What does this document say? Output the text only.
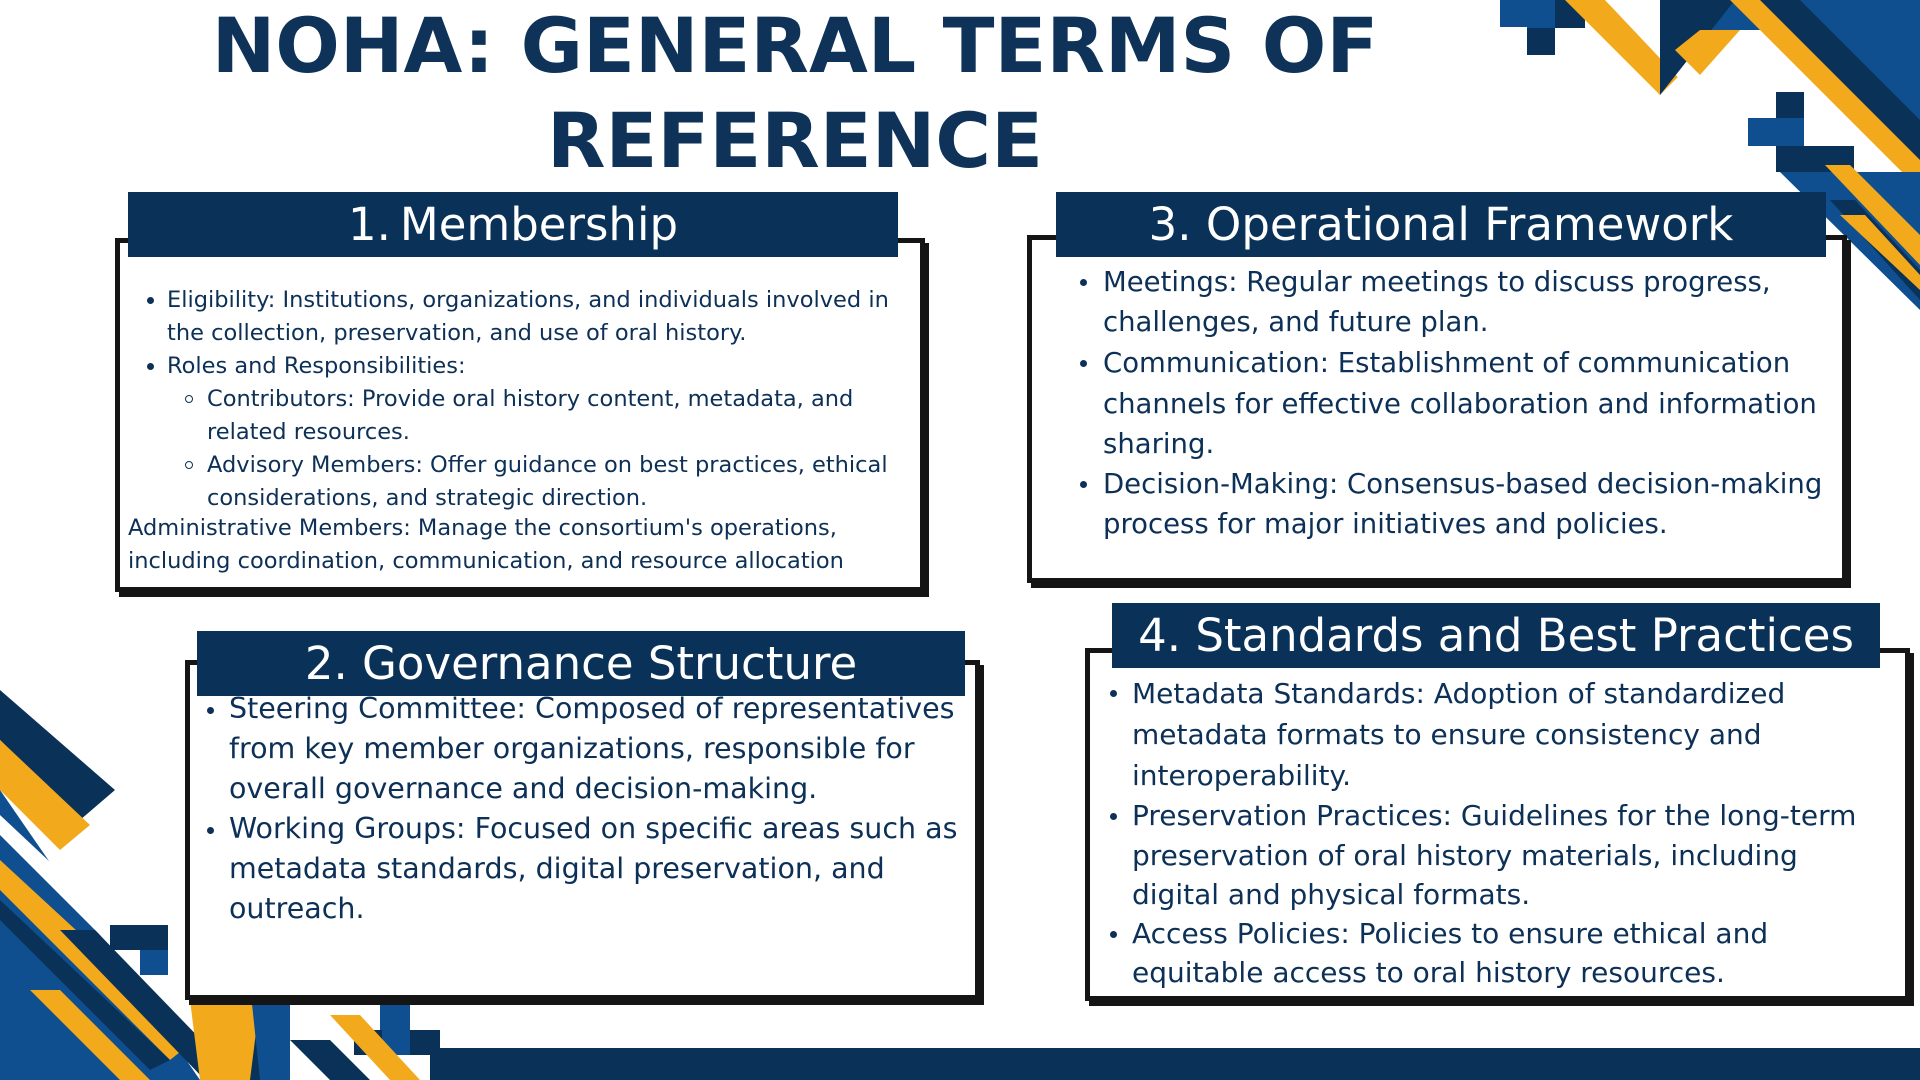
NOHA: GENERAL TERMS OF
REFERENCE
1. Membership
Eligibility: Institutions, organizations, and individuals involved in the collection, preservation, and use of oral history.
Roles and Responsibilities:
Contributors: Provide oral history content, metadata, and related resources.
Advisory Members: Offer guidance on best practices, ethical considerations, and strategic direction.
Administrative Members: Manage the consortium's operations, including coordination, communication, and resource allocation
3. Operational Framework
Meetings: Regular meetings to discuss progress, challenges, and future plan.
Communication: Establishment of communication channels for effective collaboration and information sharing.
Decision-Making: Consensus-based decision-making process for major initiatives and policies.
2. Governance Structure
Steering Committee: Composed of representatives from key member organizations, responsible for overall governance and decision-making.
Working Groups: Focused on specific areas such as metadata standards, digital preservation, and outreach.
4. Standards and Best Practices
Metadata Standards: Adoption of standardized metadata formats to ensure consistency and interoperability.
Preservation Practices: Guidelines for the long-term preservation of oral history materials, including digital and physical formats.
Access Policies: Policies to ensure ethical and equitable access to oral history resources.
